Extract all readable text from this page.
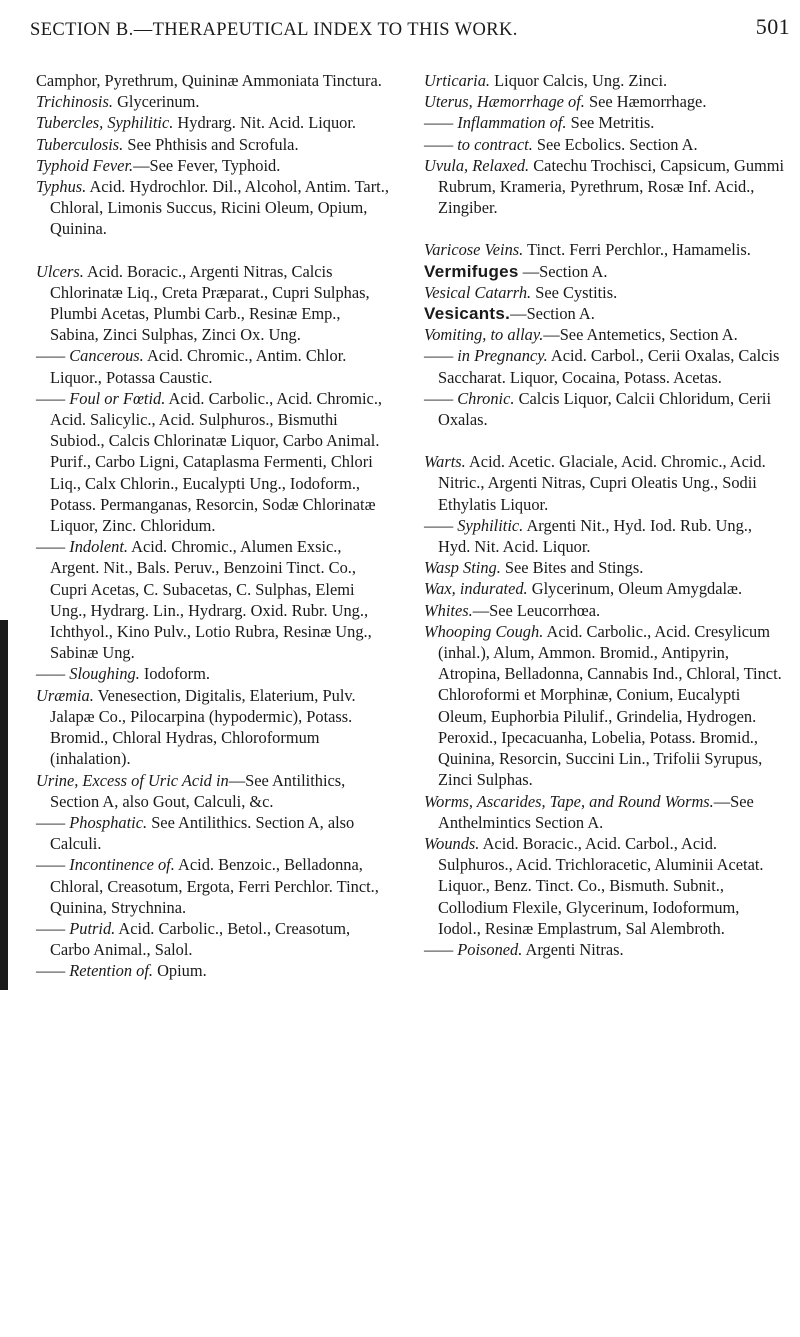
SECTION B.—THERAPEUTICAL INDEX TO THIS WORK.	501

Camphor, Pyrethrum, Quininæ Ammoniata Tinctura.

Trichinosis. Glycerinum.

Tubercles, Syphilitic. Hydrarg. Nit. Acid. Liquor.

Tuberculosis. See Phthisis and Scrofula.

Typhoid Fever.—See Fever, Typhoid.

Typhus. Acid. Hydrochlor. Dil., Alcohol, Antim. Tart., Chloral, Limonis Succus, Ricini Oleum, Opium, Quinina.

Ulcers. Acid. Boracic., Argenti Nitras, Calcis Chlorinatæ Liq., Creta Præparat., Cupri Sulphas, Plumbi Acetas, Plumbi Carb., Resinæ Emp., Sabina, Zinci Sulphas, Zinci Ox. Ung.

—— Cancerous. Acid. Chromic., Antim. Chlor. Liquor., Potassa Caustic.

—— Foul or Fœtid. Acid. Carbolic., Acid. Chromic., Acid. Salicylic., Acid. Sulphuros., Bismuthi Subiod., Calcis Chlorinatæ Liquor, Carbo Animal. Purif., Carbo Ligni, Cataplasma Fermenti, Chlori Liq., Calx Chlorin., Eucalypti Ung., Iodoform., Potass. Permanganas, Resorcin, Sodæ Chlorinatæ Liquor, Zinc. Chloridum.

—— Indolent. Acid. Chromic., Alumen Exsic., Argent. Nit., Bals. Peruv., Benzoini Tinct. Co., Cupri Acetas, C. Subacetas, C. Sulphas, Elemi Ung., Hydrarg. Lin., Hydrarg. Oxid. Rubr. Ung., Ichthyol., Kino Pulv., Lotio Rubra, Resinæ Ung., Sabinæ Ung.

—— Sloughing. Iodoform.

Uræmia. Venesection, Digitalis, Elaterium, Pulv. Jalapæ Co., Pilocarpina (hypodermic), Potass. Bromid., Chloral Hydras, Chloroformum (inhalation).

Urine, Excess of Uric Acid in—See Antilithics, Section A, also Gout, Calculi, &c.

—— Phosphatic. See Antilithics. Section A, also Calculi.

—— Incontinence of. Acid. Benzoic., Belladonna, Chloral, Creasotum, Ergota, Ferri Perchlor. Tinct., Quinina, Strychnina.

—— Putrid. Acid. Carbolic., Betol., Creasotum, Carbo Animal., Salol.

—— Retention of. Opium.

Urticaria. Liquor Calcis, Ung. Zinci.

Uterus, Hæmorrhage of. See Hæmorrhage.

—— Inflammation of. See Metritis.

—— to contract. See Ecbolics. Section A.

Uvula, Relaxed. Catechu Trochisci, Capsicum, Gummi Rubrum, Krameria, Pyrethrum, Rosæ Inf. Acid., Zingiber.

Varicose Veins. Tinct. Ferri Perchlor., Hamamelis.

Vermifuges —Section A.

Vesical Catarrh. See Cystitis.

Vesicants.—Section A.

Vomiting, to allay.—See Antemetics, Section A.

—— in Pregnancy. Acid. Carbol., Cerii Oxalas, Calcis Saccharat. Liquor, Cocaina, Potass. Acetas.

—— Chronic. Calcis Liquor, Calcii Chloridum, Cerii Oxalas.

Warts. Acid. Acetic. Glaciale, Acid. Chromic., Acid. Nitric., Argenti Nitras, Cupri Oleatis Ung., Sodii Ethylatis Liquor.

—— Syphilitic. Argenti Nit., Hyd. Iod. Rub. Ung., Hyd. Nit. Acid. Liquor.

Wasp Sting. See Bites and Stings.

Wax, indurated. Glycerinum, Oleum Amygdalæ.

Whites.—See Leucorrhœa.

Whooping Cough. Acid. Carbolic., Acid. Cresylicum (inhal.), Alum, Ammon. Bromid., Antipyrin, Atropina, Belladonna, Cannabis Ind., Chloral, Tinct. Chloroformi et Morphinæ, Conium, Eucalypti Oleum, Euphorbia Pilulif., Grindelia, Hydrogen. Peroxid., Ipecacuanha, Lobelia, Potass. Bromid., Quinina, Resorcin, Succini Lin., Trifolii Syrupus, Zinci Sulphas.

Worms, Ascarides, Tape, and Round Worms.—See Anthelmintics Section A.

Wounds. Acid. Boracic., Acid. Carbol., Acid. Sulphuros., Acid. Trichloracetic, Aluminii Acetat. Liquor., Benz. Tinct. Co., Bismuth. Subnit., Collodium Flexile, Glycerinum, Iodoformum, Iodol., Resinæ Emplastrum, Sal Alembroth.

—— Poisoned. Argenti Nitras.
